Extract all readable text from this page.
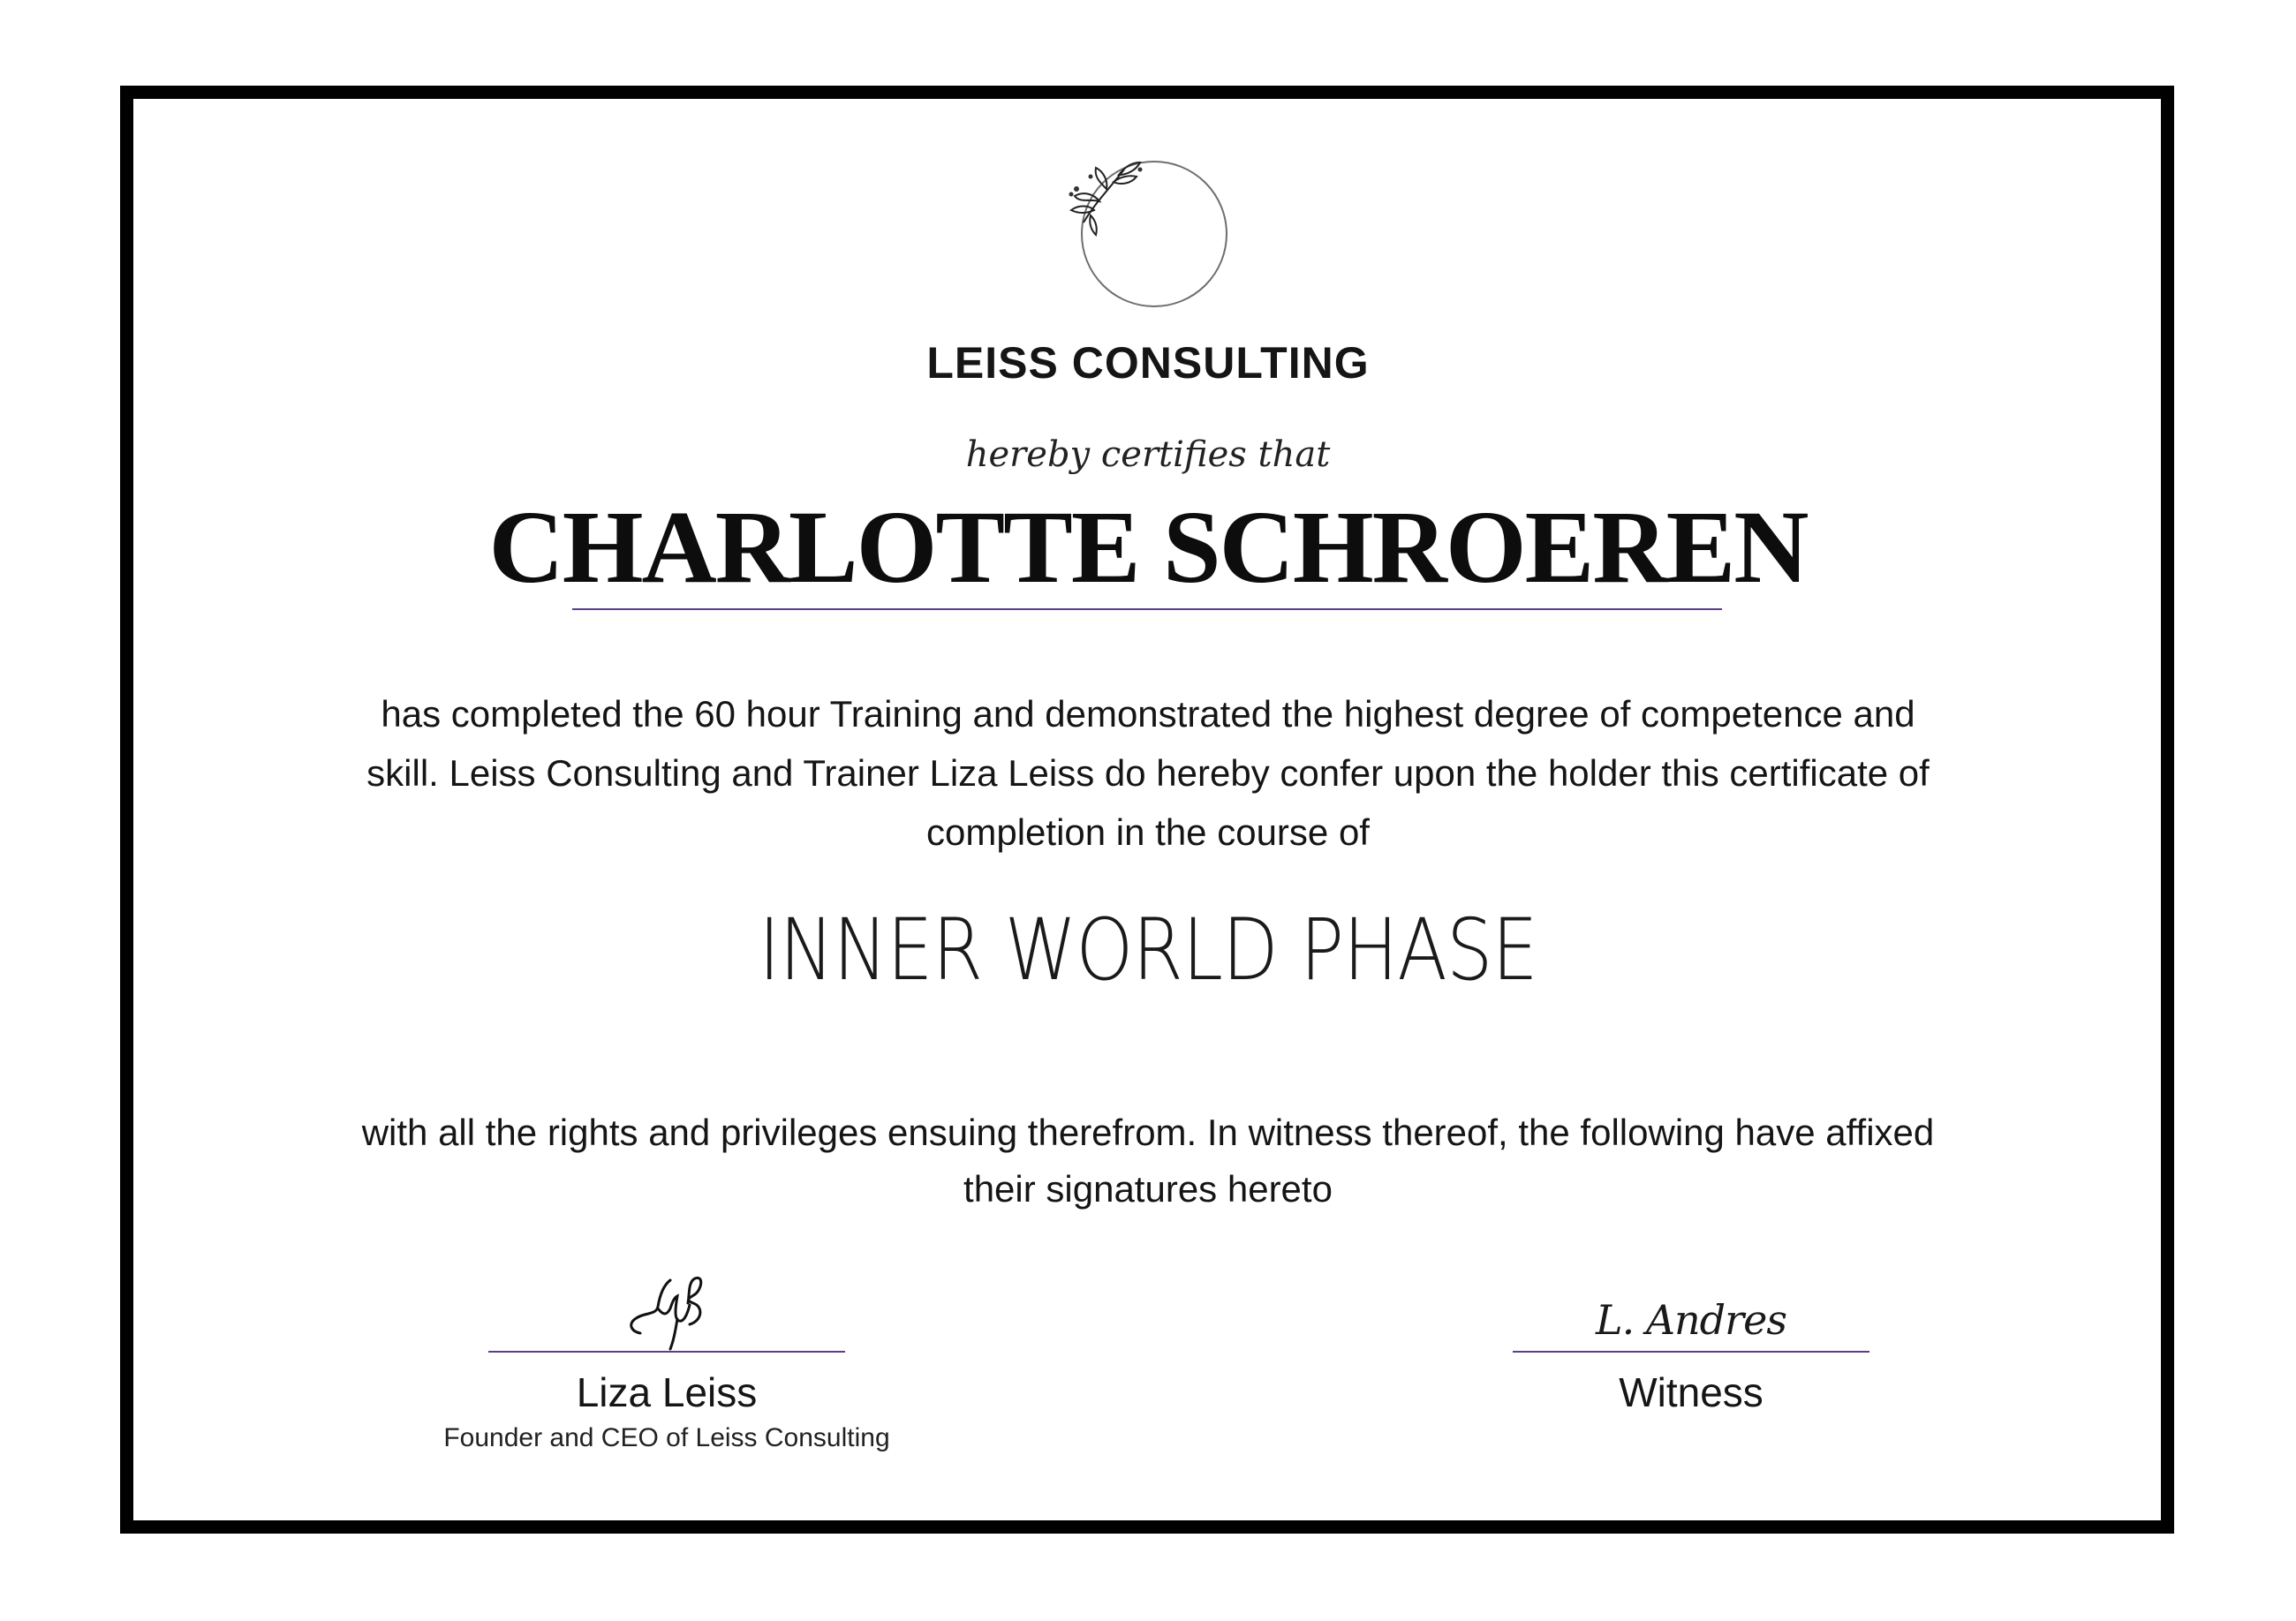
LEISS CONSULTING

hereby certifies that

CHARLOTTE SCHROEREN

has completed the 60 hour Training and demonstrated the highest degree of competence and skill. Leiss Consulting and Trainer Liza Leiss do hereby confer upon the holder this certificate of completion in the course of

INNER WORLD PHASE

with all the rights and privileges ensuing therefrom. In witness thereof, the following have affixed their signatures hereto

Liza Leiss
Founder and CEO of Leiss Consulting
L. Andres
Witness
